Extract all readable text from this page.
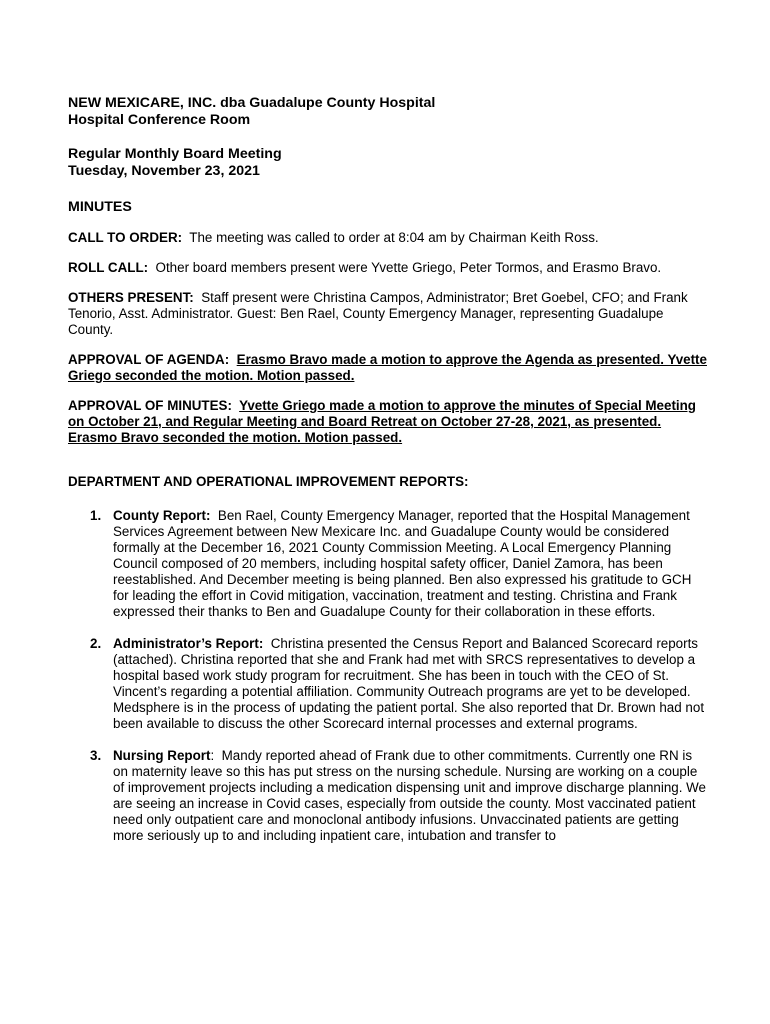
NEW MEXICARE, INC. dba Guadalupe County Hospital
Hospital Conference Room
Regular Monthly Board Meeting
Tuesday, November 23, 2021
MINUTES

CALL TO ORDER: The meeting was called to order at 8:04 am by Chairman Keith Ross.

ROLL CALL: Other board members present were Yvette Griego, Peter Tormos, and Erasmo Bravo.

OTHERS PRESENT: Staff present were Christina Campos, Administrator; Bret Goebel, CFO; and Frank Tenorio, Asst. Administrator. Guest: Ben Rael, County Emergency Manager, representing Guadalupe County.

APPROVAL OF AGENDA: Erasmo Bravo made a motion to approve the Agenda as presented. Yvette Griego seconded the motion. Motion passed.

APPROVAL OF MINUTES: Yvette Griego made a motion to approve the minutes of Special Meeting on October 21, and Regular Meeting and Board Retreat on October 27-28, 2021, as presented. Erasmo Bravo seconded the motion. Motion passed.

DEPARTMENT AND OPERATIONAL IMPROVEMENT REPORTS:

1. County Report: Ben Rael, County Emergency Manager, reported that the Hospital Management Services Agreement between New Mexicare Inc. and Guadalupe County would be considered formally at the December 16, 2021 County Commission Meeting. A Local Emergency Planning Council composed of 20 members, including hospital safety officer, Daniel Zamora, has been reestablished. And December meeting is being planned. Ben also expressed his gratitude to GCH for leading the effort in Covid mitigation, vaccination, treatment and testing. Christina and Frank expressed their thanks to Ben and Guadalupe County for their collaboration in these efforts.
2. Administrator’s Report: Christina presented the Census Report and Balanced Scorecard reports (attached). Christina reported that she and Frank had met with SRCS representatives to develop a hospital based work study program for recruitment. She has been in touch with the CEO of St. Vincent’s regarding a potential affiliation. Community Outreach programs are yet to be developed. Medsphere is in the process of updating the patient portal. She also reported that Dr. Brown had not been available to discuss the other Scorecard internal processes and external programs.
3. Nursing Report: Mandy reported ahead of Frank due to other commitments. Currently one RN is on maternity leave so this has put stress on the nursing schedule. Nursing are working on a couple of improvement projects including a medication dispensing unit and improve discharge planning. We are seeing an increase in Covid cases, especially from outside the county. Most vaccinated patient need only outpatient care and monoclonal antibody infusions. Unvaccinated patients are getting more seriously up to and including inpatient care, intubation and transfer to
